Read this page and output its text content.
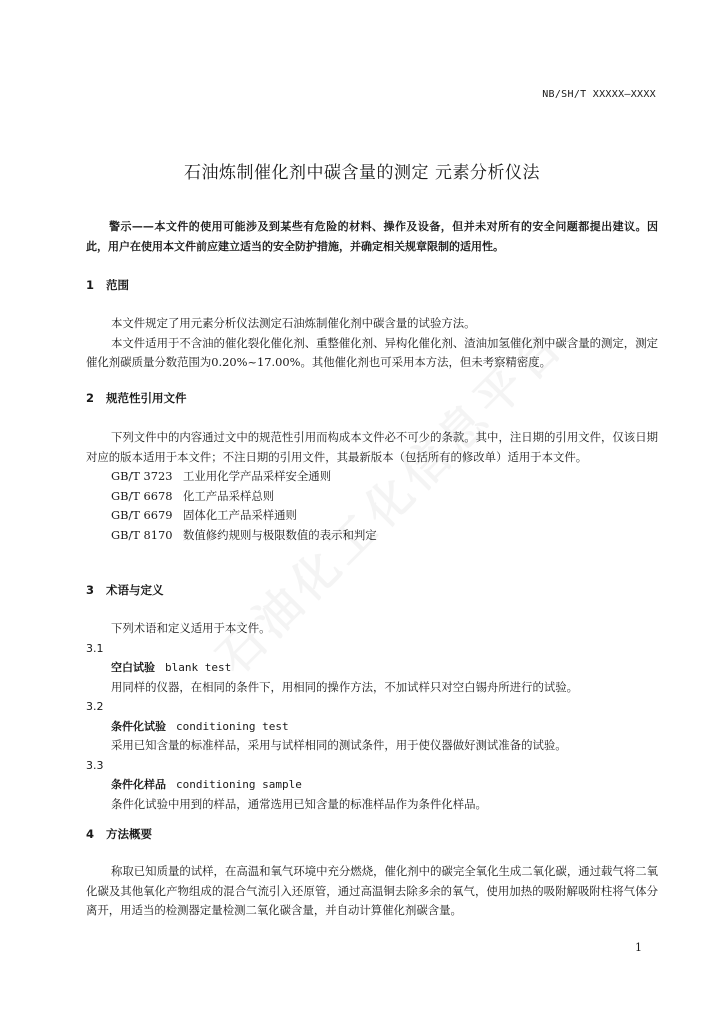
NB/SH/T XXXXX—XXXX
石油炼制催化剂中碳含量的测定 元素分析仪法
警示——本文件的使用可能涉及到某些有危险的材料、操作及设备，但并未对所有的安全问题都提出建议。因此，用户在使用本文件前应建立适当的安全防护措施，并确定相关规章限制的适用性。
1 范围
本文件规定了用元素分析仪法测定石油炼制催化剂中碳含量的试验方法。
本文件适用于不含油的催化裂化催化剂、重整催化剂、异构化催化剂、渣油加氢催化剂中碳含量的测定，测定催化剂碳质量分数范围为0.20%~17.00%。其他催化剂也可采用本方法，但未考察精密度。
2 规范性引用文件
下列文件中的内容通过文中的规范性引用而构成本文件必不可少的条款。其中，注日期的引用文件，仅该日期对应的版本适用于本文件；不注日期的引用文件，其最新版本（包括所有的修改单）适用于本文件。
GB/T 3723 工业用化学产品采样安全通则
GB/T 6678 化工产品采样总则
GB/T 6679 固体化工产品采样通则
GB/T 8170 数值修约规则与极限数值的表示和判定
3 术语与定义
下列术语和定义适用于本文件。
3.1
空白试验 blank test
用同样的仪器，在相同的条件下，用相同的操作方法，不加试样只对空白锡舟所进行的试验。
3.2
条件化试验 conditioning test
采用已知含量的标准样品，采用与试样相同的测试条件，用于使仪器做好测试准备的试验。
3.3
条件化样品 conditioning sample
条件化试验中用到的样品，通常选用已知含量的标准样品作为条件化样品。
4 方法概要
称取已知质量的试样，在高温和氧气环境中充分燃烧，催化剂中的碳完全氧化生成二氧化碳，通过载气将二氧化碳及其他氧化产物组成的混合气流引入还原管，通过高温铜去除多余的氧气，使用加热的吸附解吸附柱将气体分离开，用适当的检测器定量检测二氧化碳含量，并自动计算催化剂碳含量。
1
